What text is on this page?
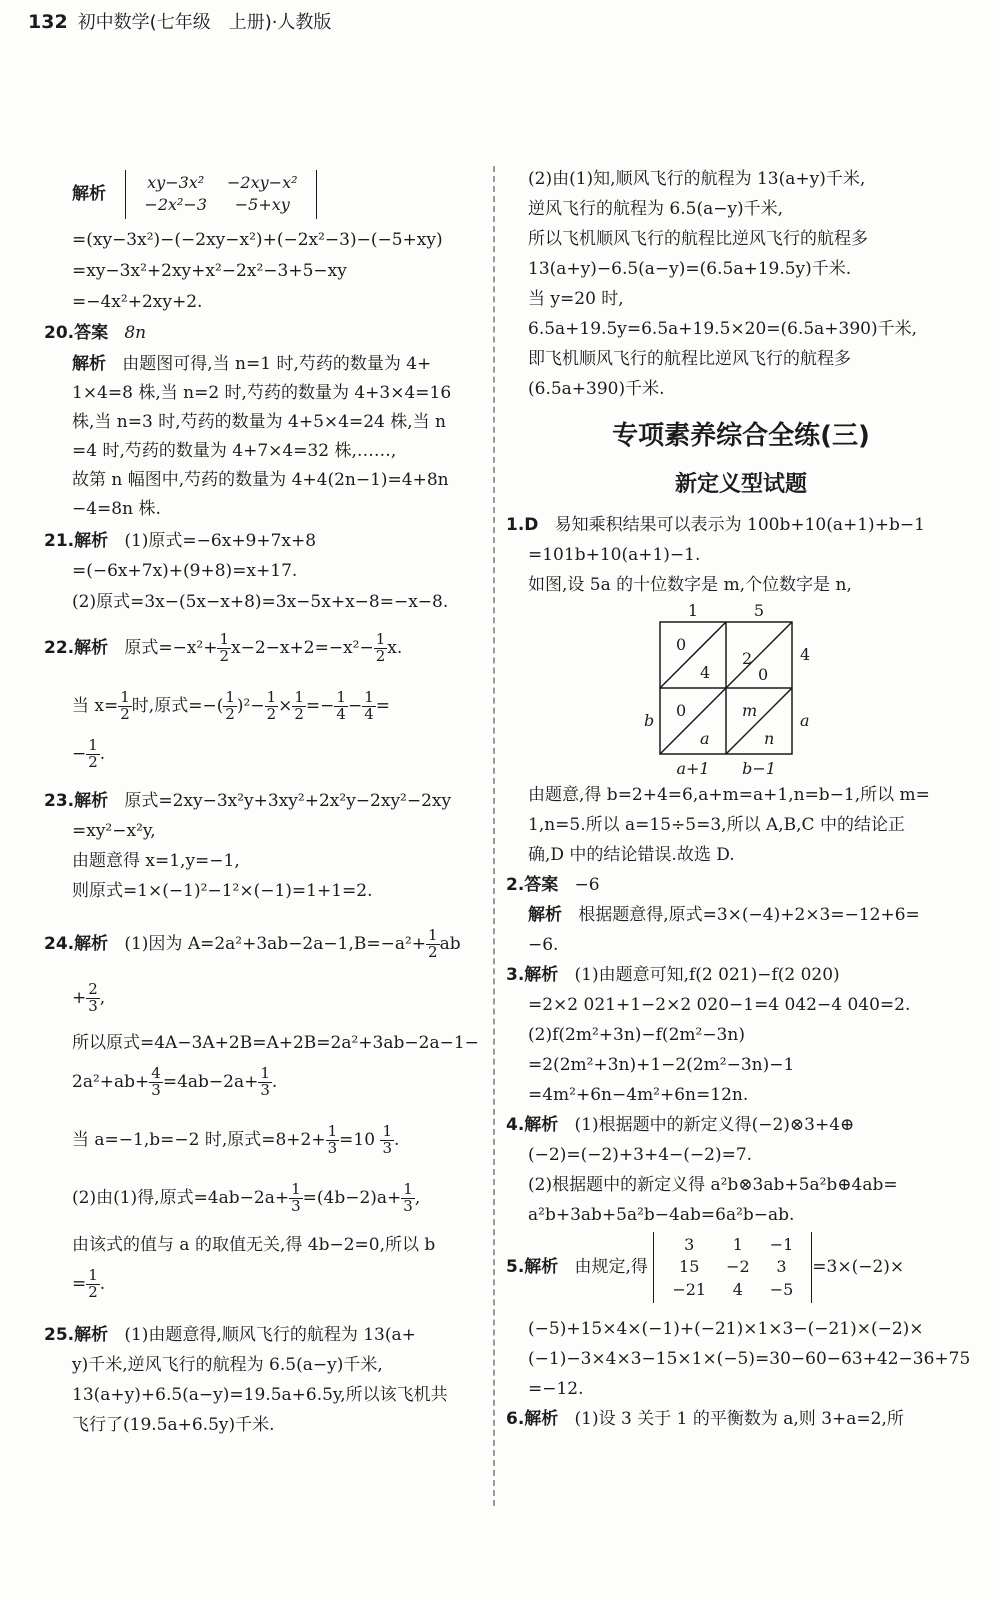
132 初中数学(七年级　上册)·人教版
解析
xy−3x²	−2xy−x²
−2x²−3	−5+xy
=(xy−3x²)−(−2xy−x²)+(−2x²−3)−(−5+xy)
=xy−3x²+2xy+x²−2x²−3+5−xy
=−4x²+2xy+2.
20.答案 8n
解析 由题图可得,当 n=1 时,芍药的数量为 4+
1×4=8 株,当 n=2 时,芍药的数量为 4+3×4=16
株,当 n=3 时,芍药的数量为 4+5×4=24 株,当 n
=4 时,芍药的数量为 4+7×4=32 株,……,
故第 n 幅图中,芍药的数量为 4+4(2n−1)=4+8n
−4=8n 株.
21.解析 (1)原式=−6x+9+7x+8
=(−6x+7x)+(9+8)=x+17.
(2)原式=3x−(5x−x+8)=3x−5x+x−8=−x−8.
22.解析 原式$=-x^2+ \frac{1}{2} x-2-x+2=-x^2- \frac{1}{2} x$.
当 $x= \frac{1}{2}$ 时,原式=−( $\frac{1}{2} )^2- \frac{1}{2} \times \frac{1}{2} =- \frac{1}{4} - \frac{1}{4}$ =
− $\frac{1}{2}$ .
23.解析 原式=2xy−3x²y+3xy²+2x²y−2xy²−2xy
=xy²−x²y,
由题意得 x=1,y=−1,
则原式=1×(−1)²−1²×(−1)=1+1=2.
24.解析 (1)因为 $A=2a^2+3ab-2a-1,B=-a^2+ \frac{1}{2}$ ab
+ $\frac{2}{3}$ ,
所以原式=4A−3A+2B=A+2B=2a²+3ab−2a−1−
$2a^2+ab+ \frac{4}{3} =4ab-2a+ \frac{1}{3}$ .
当 a=−1,b=−2 时,原式$=8+2+ \frac{1}{3} =10 \frac{1}{3}$ .
(2)由(1)得,原式$=4ab-2a+ \frac{1}{3} =(4b-2)a+ \frac{1}{3}$ ,
由该式的值与 a 的取值无关,得 4b−2=0,所以 b
= $\frac{1}{2}$ .
25.解析 (1)由题意得,顺风飞行的航程为 13(a+
y)千米,逆风飞行的航程为 6.5(a−y)千米,
13(a+y)+6.5(a−y)=19.5a+6.5y,所以该飞机共
飞行了(19.5a+6.5y)千米.
(2)由(1)知,顺风飞行的航程为 13(a+y)千米,
逆风飞行的航程为 6.5(a−y)千米,
所以飞机顺风飞行的航程比逆风飞行的航程多
13(a+y)−6.5(a−y)=(6.5a+19.5y)千米.
当 y=20 时,
6.5a+19.5y=6.5a+19.5×20=(6.5a+390)千米,
即飞机顺风飞行的航程比逆风飞行的航程多
(6.5a+390)千米.
专项素养综合全练(三)
新定义型试题
1.D 易知乘积结果可以表示为 100b+10(a+1)+b−1
=101b+10(a+1)−1.
如图,设 5a 的十位数字是 m,个位数字是 n,
1	5
4
a
b
a+1 b−1
0
4
2
0
0
a
m
n
由题意,得 b=2+4=6,a+m=a+1,n=b−1,所以 m=
1,n=5.所以 a=15÷5=3,所以 A,B,C 中的结论正
确,D 中的结论错误.故选 D.
2.答案 −6
解析 根据题意得,原式=3×(−4)+2×3=−12+6=
−6.
3.解析 (1)由题意可知,f(2 021)−f(2 020)
=2×2 021+1−2×2 020−1=4 042−4 040=2.
(2)f(2m²+3n)−f(2m²−3n)
=2(2m²+3n)+1−2(2m²−3n)−1
=4m²+6n−4m²+6n=12n.
4.解析 (1)根据题中的新定义得(−2)⊗3+4⊕
(−2)=(−2)+3+4−(−2)=7.
(2)根据题中的新定义得 a²b⊗3ab+5a²b⊕4ab=
a²b+3ab+5a²b−4ab=6a²b−ab.
5.解析 由规定,得
3	1	−1
15	−2	3
−21	4	−5
=3×(−2)×
(−5)+15×4×(−1)+(−21)×1×3−(−21)×(−2)×
(−1)−3×4×3−15×1×(−5)=30−60−63+42−36+75
=−12.
6.解析 (1)设 3 关于 1 的平衡数为 a,则 3+a=2,所
